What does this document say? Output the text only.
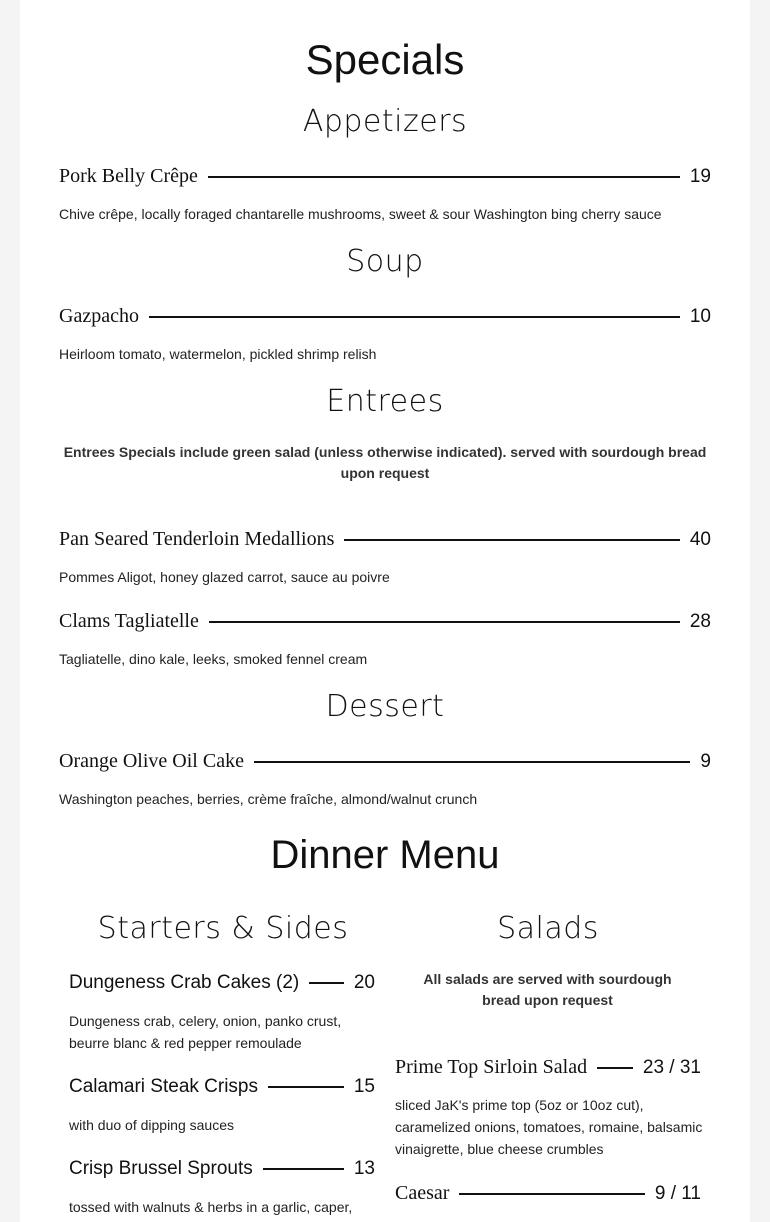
Specials
Appetizers
Pork Belly Crêpe	19
Chive crêpe, locally foraged chantarelle mushrooms, sweet & sour Washington bing cherry sauce
Soup
Gazpacho	10
Heirloom tomato, watermelon, pickled shrimp relish
Entrees
Entrees Specials include green salad (unless otherwise indicated). served with sourdough bread upon request
Pan Seared Tenderloin Medallions	40
Pommes Aligot, honey glazed carrot, sauce au poivre
Clams Tagliatelle	28
Tagliatelle, dino kale, leeks, smoked fennel cream
Dessert
Orange Olive Oil Cake	9
Washington peaches, berries, crème fraîche, almond/walnut crunch
Dinner Menu
Starters & Sides
Dungeness Crab Cakes (2)	20
Dungeness crab, celery, onion, panko crust, beurre blanc & red pepper remoulade
Calamari Steak Crisps	15
with duo of dipping sauces
Crisp Brussel Sprouts	13
tossed with walnuts & herbs in a garlic, caper,
Salads
All salads are served with sourdough bread upon request
Prime Top Sirloin Salad	23 / 31
sliced JaK's prime top (5oz or 10oz cut), caramelized onions, tomatoes, romaine, balsamic vinaigrette, blue cheese crumbles
Caesar	9 / 11
